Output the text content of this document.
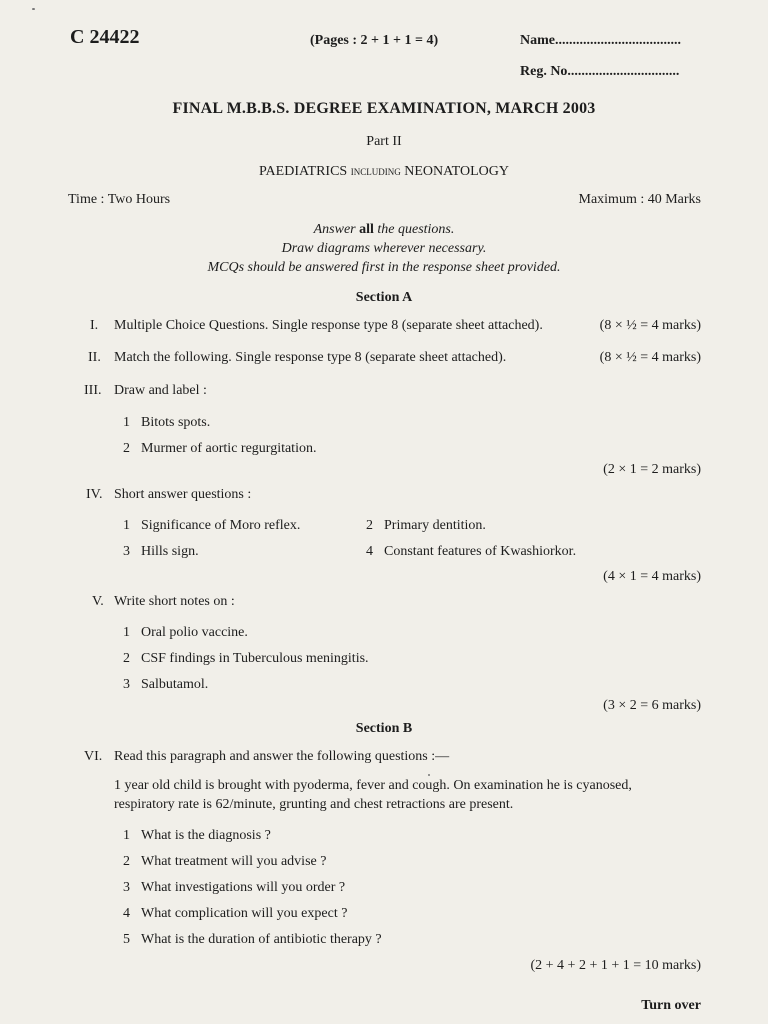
C 24422	(Pages : 2 + 1 + 1 = 4)	Name....................................
Reg. No................................
FINAL M.B.B.S. DEGREE EXAMINATION, MARCH 2003
Part II
PAEDIATRICS including NEONATOLOGY
Time : Two Hours	Maximum : 40 Marks
Answer all the questions.
Draw diagrams wherever necessary.
MCQs should be answered first in the response sheet provided.
Section A
I. Multiple Choice Questions. Single response type 8 (separate sheet attached).	(8 × ½ = 4 marks)
II. Match the following. Single response type 8 (separate sheet attached).	(8 × ½ = 4 marks)
III. Draw and label :
1 Bitots spots.
2 Murmer of aortic regurgitation.
(2 × 1 = 2 marks)
IV. Short answer questions :
1 Significance of Moro reflex.	2 Primary dentition.
3 Hills sign.	4 Constant features of Kwashiorkor.
(4 × 1 = 4 marks)
V. Write short notes on :
1 Oral polio vaccine.
2 CSF findings in Tuberculous meningitis.
3 Salbutamol.
(3 × 2 = 6 marks)
Section B
VI. Read this paragraph and answer the following questions :—
1 year old child is brought with pyoderma, fever and cough. On examination he is cyanosed,
respiratory rate is 62/minute, grunting and chest retractions are present.
1 What is the diagnosis ?
2 What treatment will you advise ?
3 What investigations will you order ?
4 What complication will you expect ?
5 What is the duration of antibiotic therapy ?
(2 + 4 + 2 + 1 + 1 = 10 marks)
Turn over
